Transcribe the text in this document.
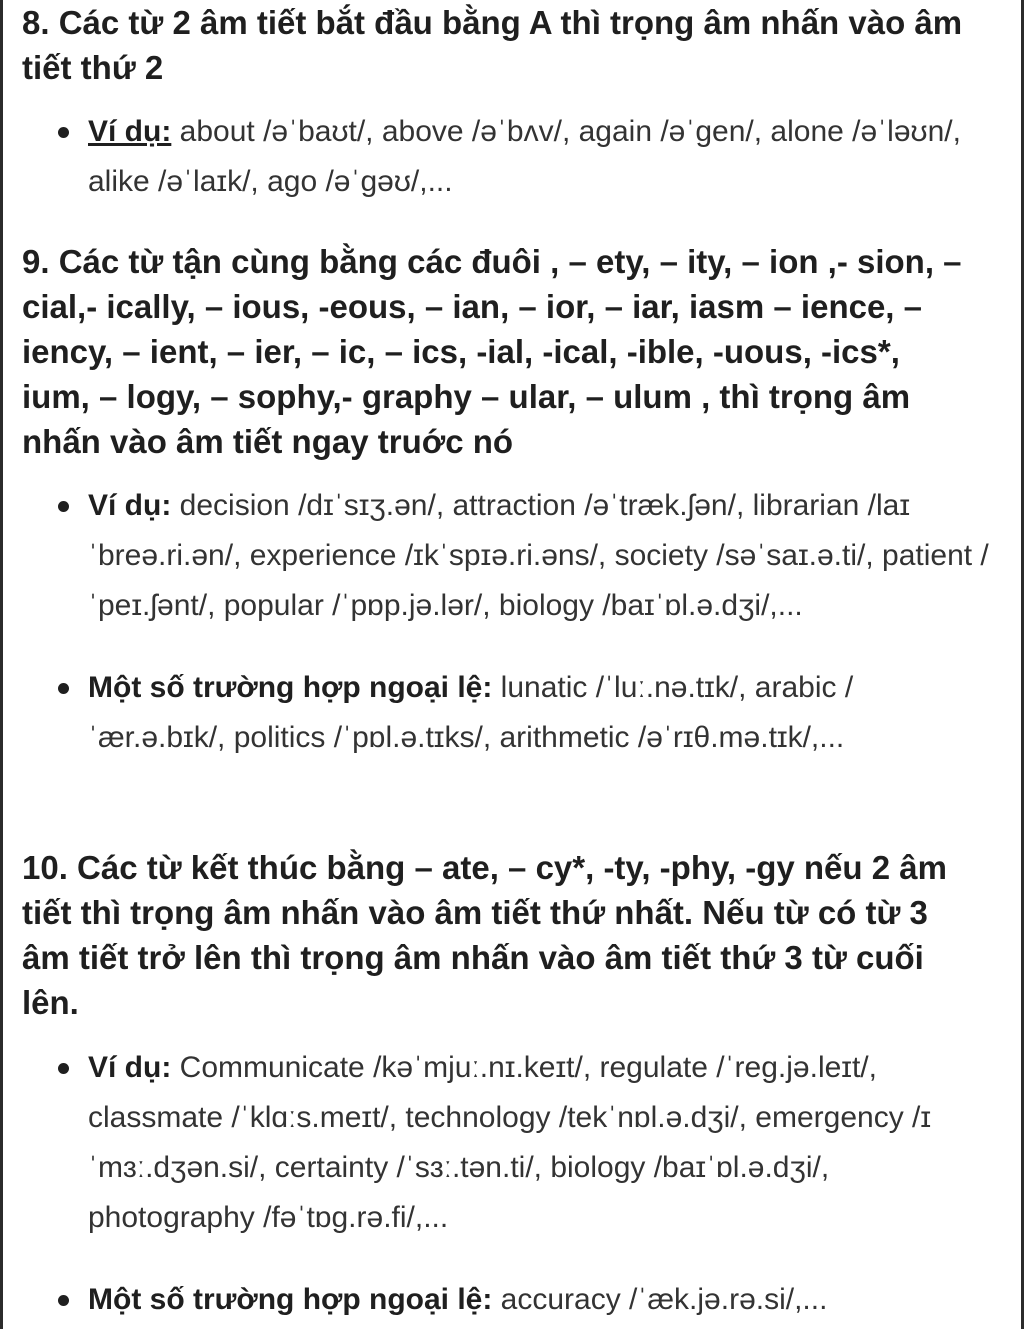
8. Các từ 2 âm tiết bắt đầu bằng A thì trọng âm nhấn vào âm tiết thứ 2
Ví dụ: about /əˈbaʊt/, above /əˈbʌv/, again /əˈgen/, alone /əˈləʊn/, alike /əˈlaɪk/, ago /əˈgəʊ/,...
9. Các từ tận cùng bằng các đuôi , – ety, – ity, – ion ,- sion, – cial,- ically, – ious, -eous, – ian, – ior, – iar, iasm – ience, – iency, – ient, – ier, – ic, – ics, -ial, -ical, -ible, -uous, -ics*, ium, – logy, – sophy,- graphy – ular, – ulum , thì trọng âm nhấn vào âm tiết ngay truớc nó
Ví dụ: decision /dɪˈsɪʒ.ən/, attraction /əˈtræk.ʃən/, librarian /laɪˈbreə.ri.ən/, experience /ɪkˈspɪə.ri.əns/, society /səˈsaɪ.ə.ti/, patient /ˈpeɪ.ʃənt/, popular /ˈpɒp.jə.lər/, biology /baɪˈɒl.ə.dʒi/,...
Một số trường hợp ngoại lệ: lunatic /ˈluː.nə.tɪk/, arabic /ˈær.ə.bɪk/, politics /ˈpɒl.ə.tɪks/, arithmetic /əˈrɪθ.mə.tɪk/,...
10. Các từ kết thúc bằng – ate, – cy*, -ty, -phy, -gy nếu 2 âm tiết thì trọng âm nhấn vào âm tiết thứ nhất. Nếu từ có từ 3 âm tiết trở lên thì trọng âm nhấn vào âm tiết thứ 3 từ cuối lên.
Ví dụ: Communicate /kəˈmjuː.nɪ.keɪt/, regulate /ˈreg.jə.leɪt/, classmate /ˈklɑːs.meɪt/, technology /tekˈnɒl.ə.dʒi/, emergency /ɪˈmɜː.dʒən.si/, certainty /ˈsɜː.tən.ti/, biology /baɪˈɒl.ə.dʒi/, photography /fəˈtɒg.rə.fi/,...
Một số trường hợp ngoại lệ: accuracy /ˈæk.jə.rə.si/,...
